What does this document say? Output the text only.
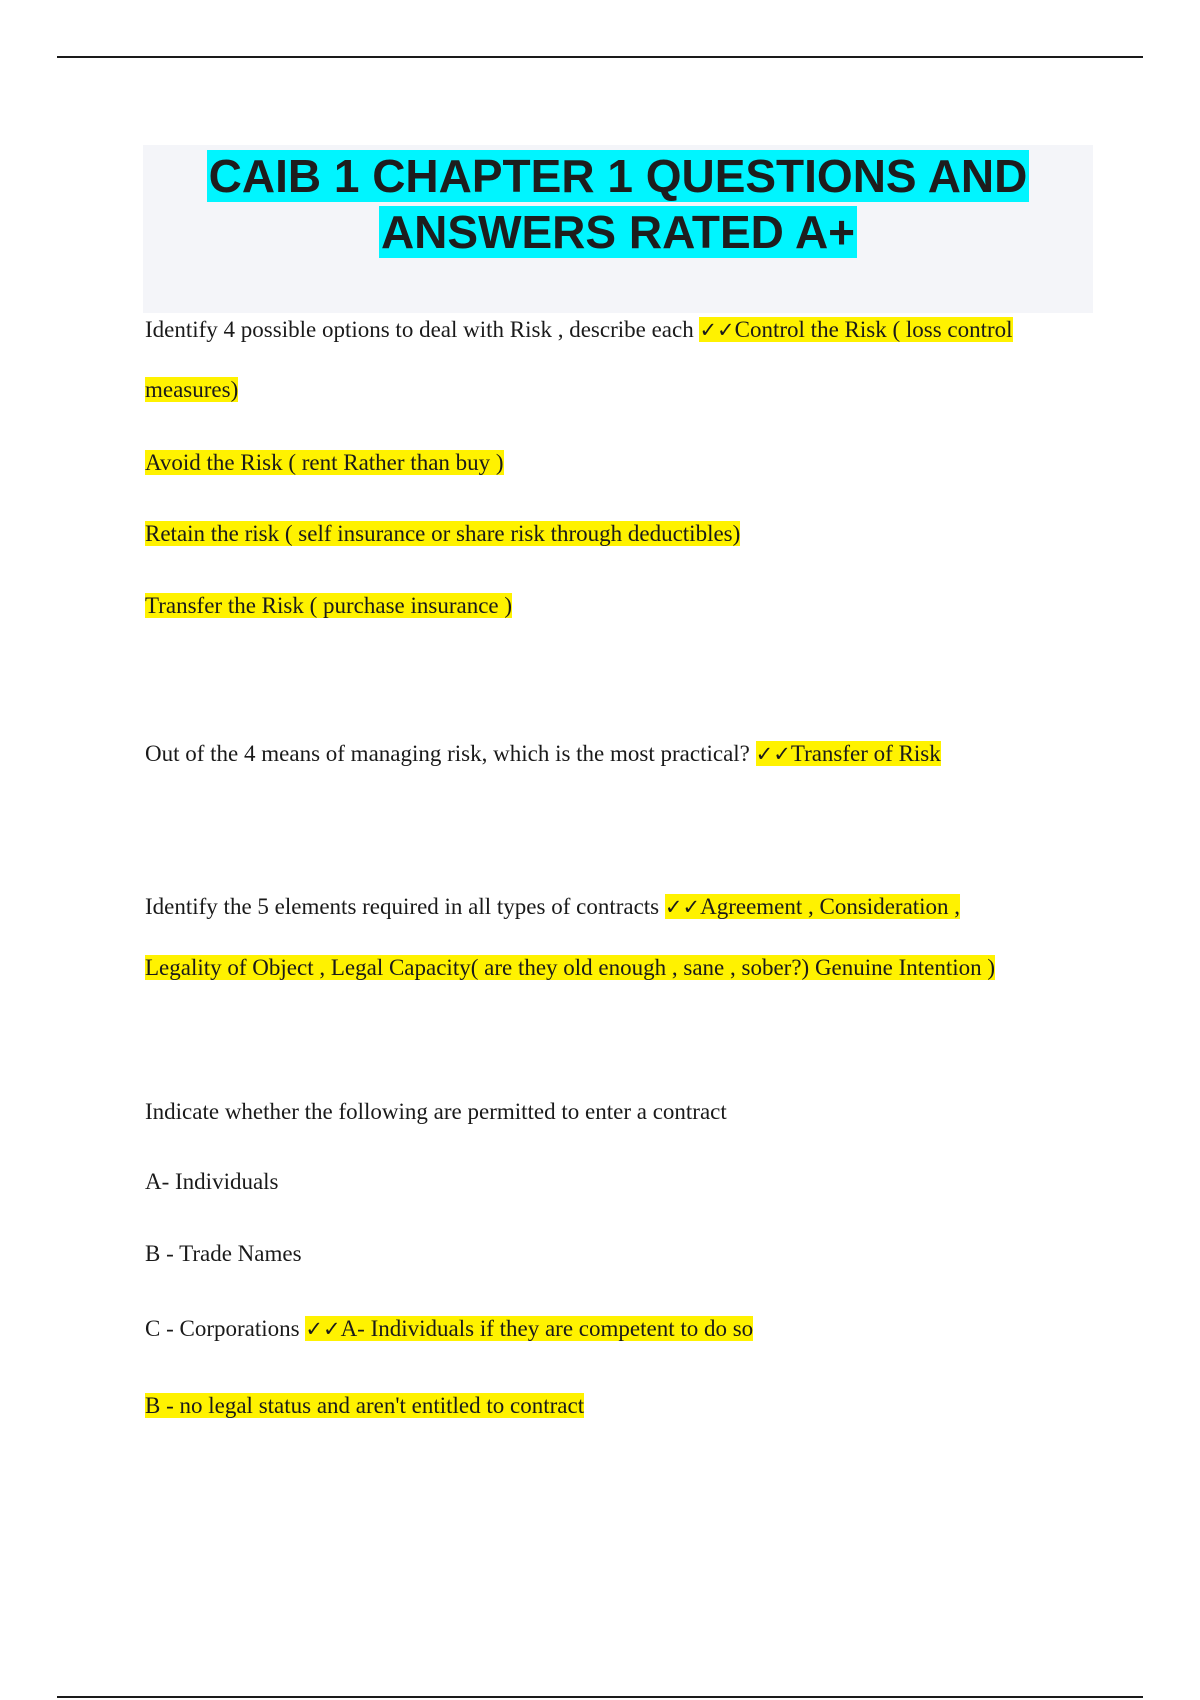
CAIB 1 CHAPTER 1 QUESTIONS AND
ANSWERS RATED A+
Identify 4 possible options to deal with Risk , describe each ✓✓Control the Risk ( loss control
measures)
Avoid the Risk ( rent Rather than buy )
Retain the risk ( self insurance or share risk through deductibles)
Transfer the Risk ( purchase insurance )
Out of the 4 means of managing risk, which is the most practical? ✓✓Transfer of Risk
Identify the 5 elements required in all types of contracts ✓✓Agreement , Consideration ,
Legality of Object , Legal Capacity( are they old enough , sane , sober?) Genuine Intention )
Indicate whether the following are permitted to enter a contract
A- Individuals
B - Trade Names
C - Corporations ✓✓A- Individuals if they are competent to do so
B - no legal status and aren't entitled to contract
